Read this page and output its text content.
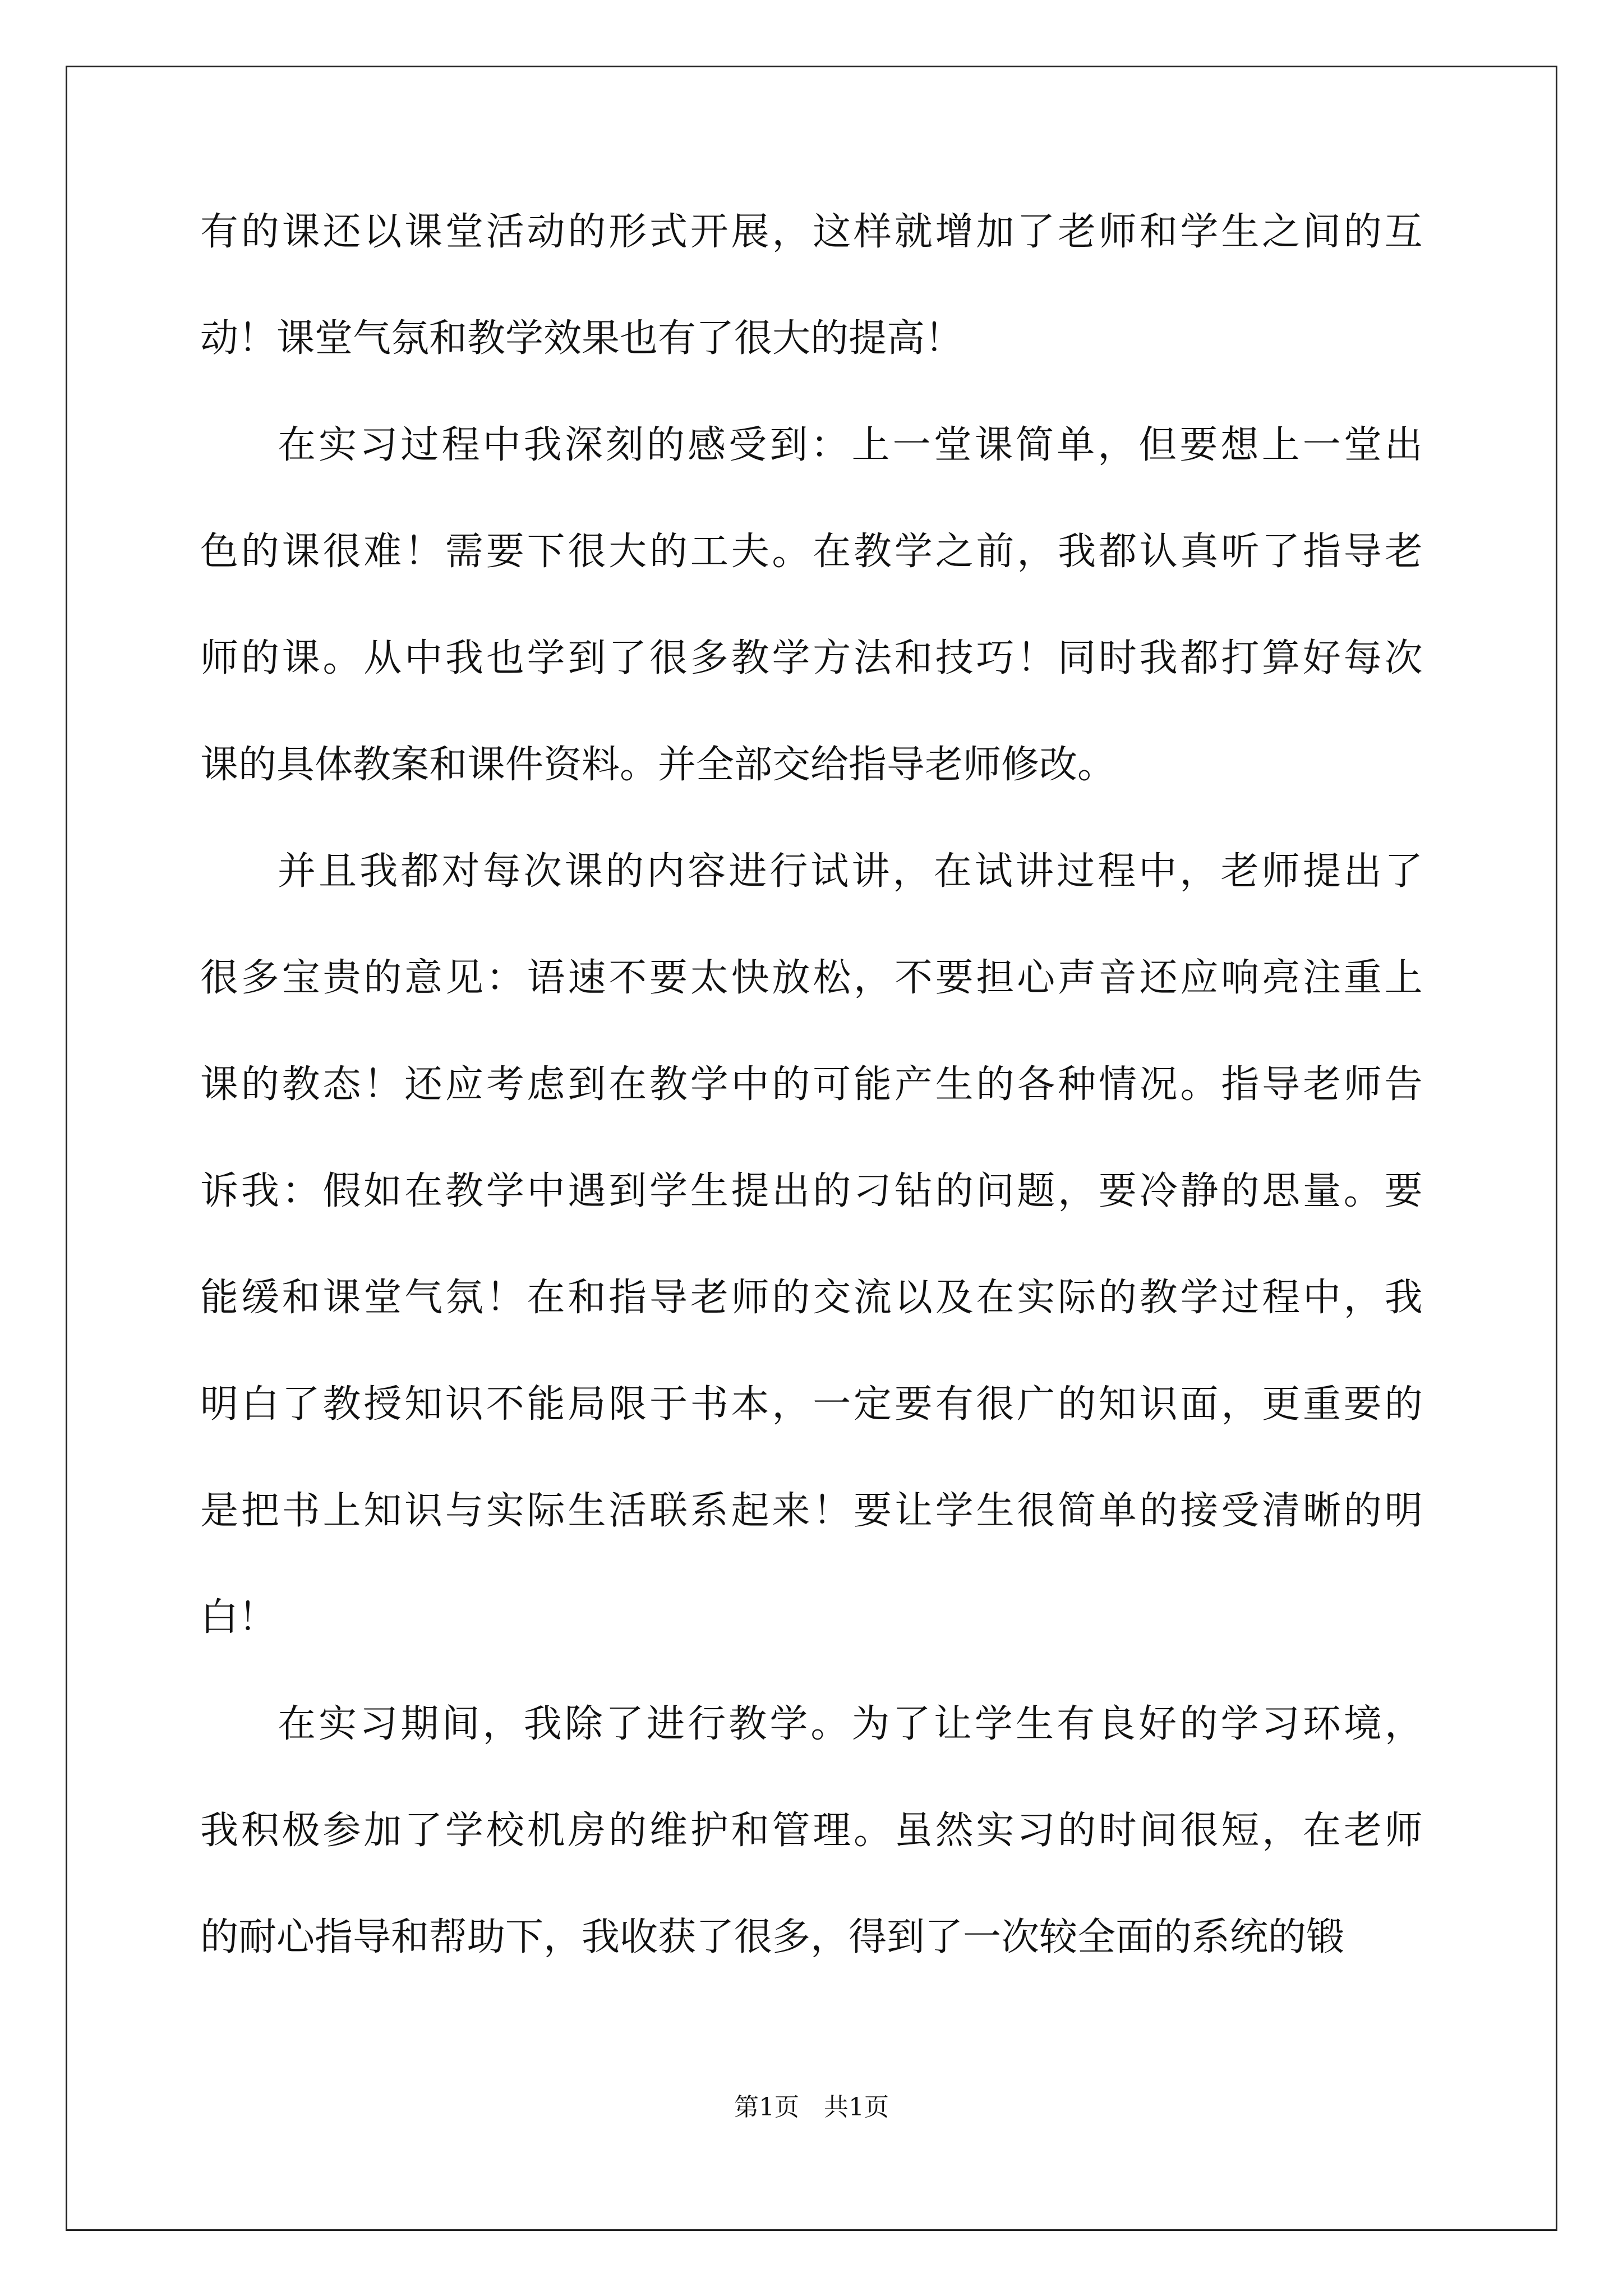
有 的 课 还 以 课 堂 活 动 的 形 式 开 展 ， 这 样 就 增 加 了 老 师 和 学 生 之 间 的 互
动！课堂气氛和教学效果也有了很大的提高！
在 实 习 过 程 中 我 深 刻 的 感 受 到 ： 上 一 堂 课 简 单 ， 但 要 想 上 一 堂 出
色 的 课 很 难 ！ 需 要 下 很 大 的 工 夫 。 在 教 学 之 前 ， 我 都 认 真 听 了 指 导 老
师 的 课 。 从 中 我 也 学 到 了 很 多 教 学 方 法 和 技 巧 ！ 同 时 我 都 打 算 好 每 次
课的具体教案和课件资料。并全部交给指导老师修改。
并 且 我 都 对 每 次 课 的 内 容 进 行 试 讲 ， 在 试 讲 过 程 中 ， 老 师 提 出 了
很 多 宝 贵 的 意 见 ： 语 速 不 要 太 快 放 松 ， 不 要 担 心 声 音 还 应 响 亮 注 重 上
课 的 教 态 ！ 还 应 考 虑 到 在 教 学 中 的 可 能 产 生 的 各 种 情 况 。 指 导 老 师 告
诉 我 ： 假 如 在 教 学 中 遇 到 学 生 提 出 的 刁 钻 的 问 题 ， 要 冷 静 的 思 量 。 要
能 缓 和 课 堂 气 氛 ！ 在 和 指 导 老 师 的 交 流 以 及 在 实 际 的 教 学 过 程 中 ， 我
明 白 了 教 授 知 识 不 能 局 限 于 书 本 ， 一 定 要 有 很 广 的 知 识 面 ， 更 重 要 的
是 把 书 上 知 识 与 实 际 生 活 联 系 起 来 ！ 要 让 学 生 很 简 单 的 接 受 清 晰 的 明
白！
在 实 习 期 间 ， 我 除 了 进 行 教 学 。 为 了 让 学 生 有 良 好 的 学 习 环 境 ，
我 积 极 参 加 了 学 校 机 房 的 维 护 和 管 理 。 虽 然 实 习 的 时 间 很 短 ， 在 老 师
的耐心指导和帮助下，我收获了很多，得到了一次较全面的系统的锻
第1页　共1页
